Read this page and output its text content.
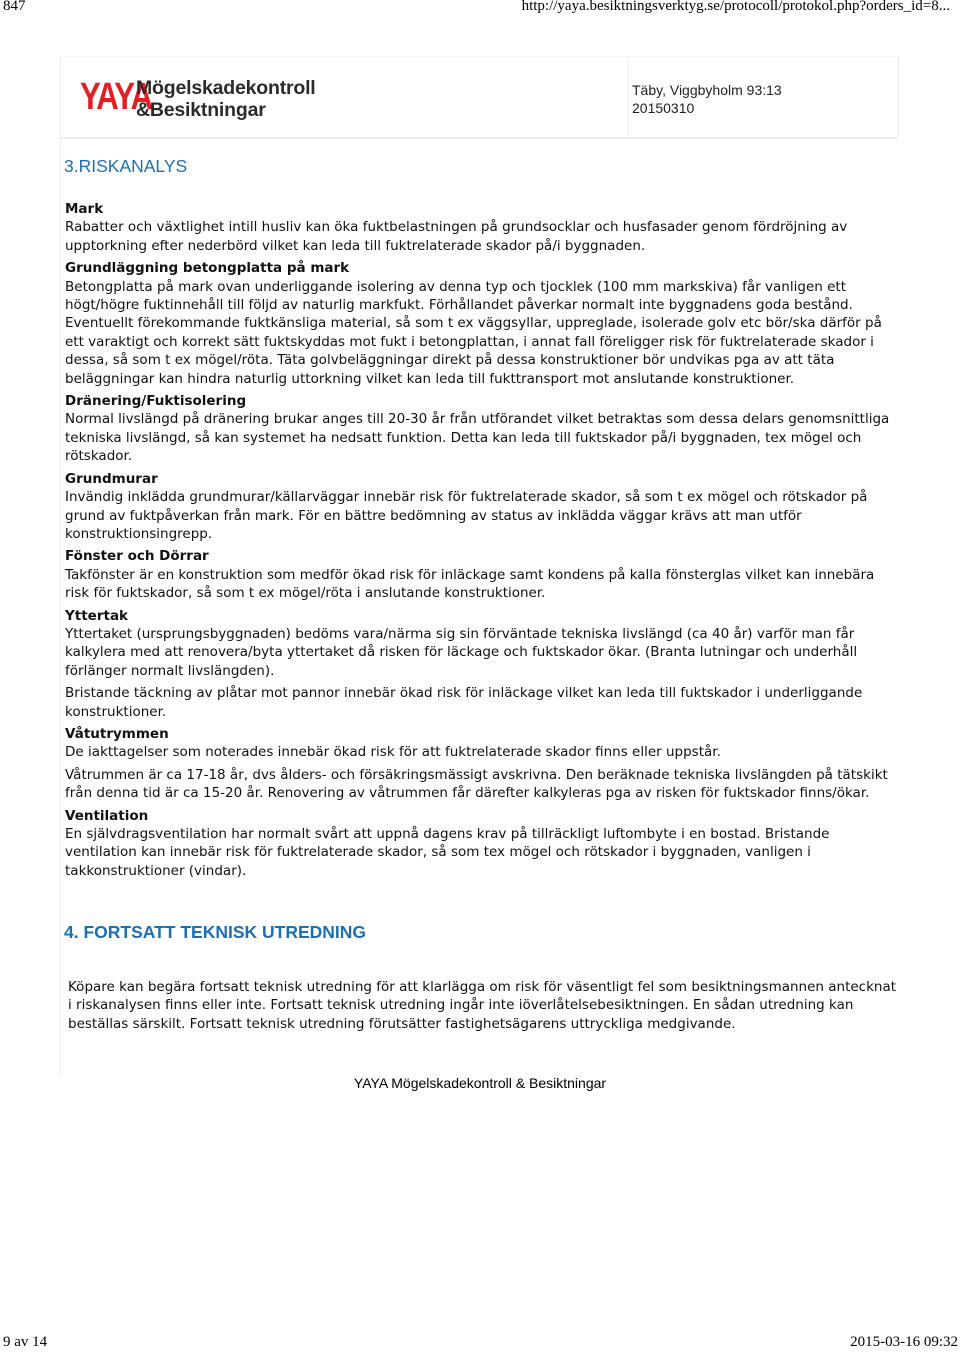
847	http://yaya.besiktningsverktyg.se/protocoll/protokol.php?orders_id=8...
YAYA
Mögelskadekontroll
&Besiktningar
Täby, Viggbyholm 93:13
20150310
3.RISKANALYS

Mark

Rabatter och växtlighet intill husliv kan öka fuktbelastningen på grundsocklar och husfasader genom fördröjning av upptorkning efter nederbörd vilket kan leda till fuktrelaterade skador på/i byggnaden.

Grundläggning betongplatta på mark

Betongplatta på mark ovan underliggande isolering av denna typ och tjocklek (100 mm markskiva) får vanligen ett högt/högre fuktinnehåll till följd av naturlig markfukt. Förhållandet påverkar normalt inte byggnadens goda bestånd. Eventuellt förekommande fuktkänsliga material, så som t ex väggsyllar, uppreglade, isolerade golv etc bör/ska därför på ett varaktigt och korrekt sätt fuktskyddas mot fukt i betongplattan, i annat fall föreligger risk för fuktrelaterade skador i dessa, så som t ex mögel/röta. Täta golvbeläggningar direkt på dessa konstruktioner bör undvikas pga av att täta beläggningar kan hindra naturlig uttorkning vilket kan leda till fukttransport mot anslutande konstruktioner.

Dränering/Fuktisolering

Normal livslängd på dränering brukar anges till 20-30 år från utförandet vilket betraktas som dessa delars genomsnittliga tekniska livslängd, så kan systemet ha nedsatt funktion. Detta kan leda till fuktskador på/i byggnaden, tex mögel och rötskador.

Grundmurar

Invändig inklädda grundmurar/källarväggar innebär risk för fuktrelaterade skador, så som t ex mögel och rötskador på grund av fuktpåverkan från mark. För en bättre bedömning av status av inklädda väggar krävs att man utför konstruktionsingrepp.

Fönster och Dörrar

Takfönster är en konstruktion som medför ökad risk för inläckage samt kondens på kalla fönsterglas vilket kan innebära risk för fuktskador, så som t ex mögel/röta i anslutande konstruktioner.

Yttertak

Yttertaket (ursprungsbyggnaden) bedöms vara/närma sig sin förväntade tekniska livslängd (ca 40 år) varför man får kalkylera med att renovera/byta yttertaket då risken för läckage och fuktskador ökar. (Branta lutningar och underhåll förlänger normalt livslängden).

Bristande täckning av plåtar mot pannor innebär ökad risk för inläckage vilket kan leda till fuktskador i underliggande konstruktioner.

Våtutrymmen

De iakttagelser som noterades innebär ökad risk för att fuktrelaterade skador finns eller uppstår.

Våtrummen är ca 17-18 år, dvs ålders- och försäkringsmässigt avskrivna. Den beräknade tekniska livslängden på tätskikt från denna tid är ca 15-20 år. Renovering av våtrummen får därefter kalkyleras pga av risken för fuktskador finns/ökar.

Ventilation

En självdragsventilation har normalt svårt att uppnå dagens krav på tillräckligt luftombyte i en bostad. Bristande ventilation kan innebär risk för fuktrelaterade skador, så som tex mögel och rötskador i byggnaden, vanligen i takkonstruktioner (vindar).

4. FORTSATT TEKNISK UTREDNING
Köpare kan begära fortsatt teknisk utredning för att klarlägga om risk för väsentligt fel som besiktningsmannen antecknat i riskanalysen finns eller inte. Fortsatt teknisk utredning ingår inte iöverlåtelsebesiktningen. En sådan utredning kan beställas särskilt. Fortsatt teknisk utredning förutsätter fastighetsägarens uttryckliga medgivande.
YAYA Mögelskadekontroll & Besiktningar
9 av 14	2015-03-16 09:32
